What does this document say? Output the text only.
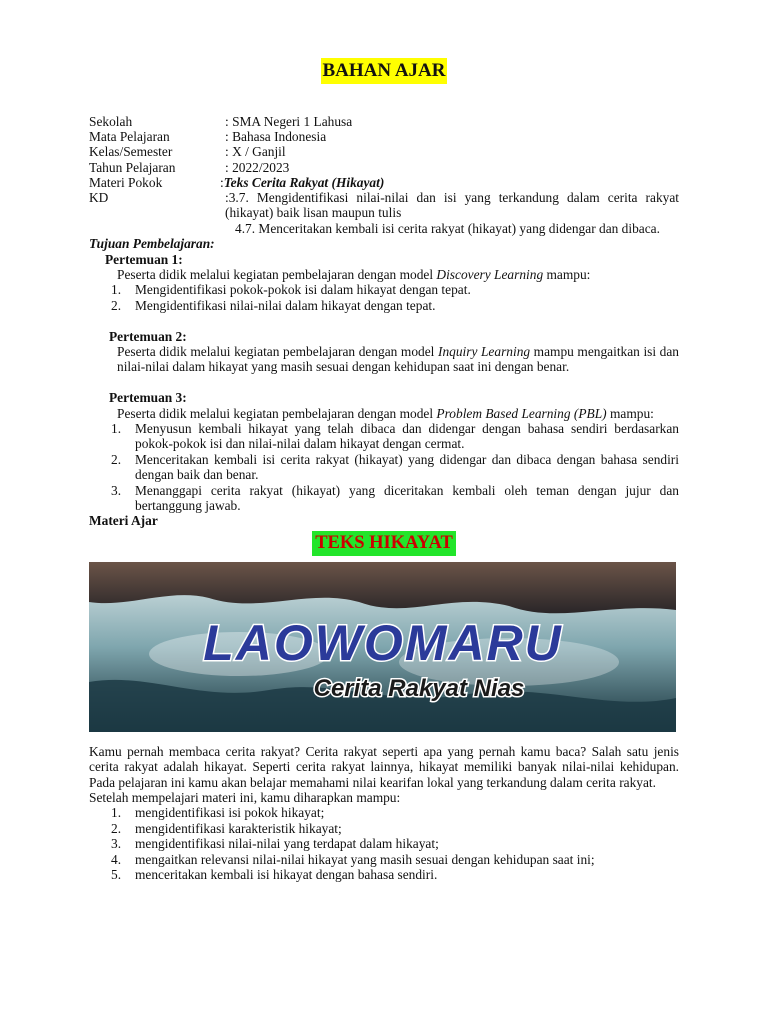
BAHAN AJAR
Sekolah	: SMA Negeri 1 Lahusa
Mata Pelajaran	: Bahasa Indonesia
Kelas/Semester	: X / Ganjil
Tahun Pelajaran	: 2022/2023
Materi Pokok	:Teks Cerita Rakyat (Hikayat)
KD	:3.7. Mengidentifikasi nilai-nilai dan isi yang terkandung dalam cerita rakyat (hikayat) baik lisan maupun tulis
4.7. Menceritakan kembali isi cerita rakyat (hikayat) yang didengar dan dibaca.
Tujuan Pembelajaran:
Pertemuan 1:
Peserta didik melalui kegiatan pembelajaran dengan model Discovery Learning mampu:
1.	Mengidentifikasi pokok-pokok isi dalam hikayat dengan tepat.
2.	Mengidentifikasi nilai-nilai dalam hikayat dengan tepat.
Pertemuan 2:
Peserta didik melalui kegiatan pembelajaran dengan model Inquiry Learning mampu mengaitkan isi dan nilai-nilai dalam hikayat yang masih sesuai dengan kehidupan saat ini dengan benar.
Pertemuan 3:
Peserta didik melalui kegiatan pembelajaran dengan model Problem Based Learning (PBL) mampu:
1.	Menyusun kembali hikayat yang telah dibaca dan didengar dengan bahasa sendiri berdasarkan pokok-pokok isi dan nilai-nilai dalam hikayat dengan cermat.
2.	Menceritakan kembali isi cerita rakyat (hikayat) yang didengar dan dibaca dengan bahasa sendiri dengan baik dan benar.
3.	Menanggapi cerita rakyat (hikayat) yang diceritakan kembali oleh teman dengan jujur dan bertanggung jawab.
Materi Ajar
TEKS HIKAYAT
LAOWOMARU
Cerita Rakyat Nias
Kamu pernah membaca cerita rakyat? Cerita rakyat seperti apa yang pernah kamu baca? Salah satu jenis cerita rakyat adalah hikayat. Seperti cerita rakyat lainnya, hikayat memiliki banyak nilai-nilai kehidupan. Pada pelajaran ini kamu akan belajar memahami nilai kearifan lokal yang terkandung dalam cerita rakyat.
Setelah mempelajari materi ini, kamu diharapkan mampu:
1.	mengidentifikasi isi pokok hikayat;
2.	mengidentifikasi karakteristik hikayat;
3.	mengidentifikasi nilai-nilai yang terdapat dalam hikayat;
4.	mengaitkan relevansi nilai-nilai hikayat yang masih sesuai dengan kehidupan saat ini;
5.	menceritakan kembali isi hikayat dengan bahasa sendiri.
